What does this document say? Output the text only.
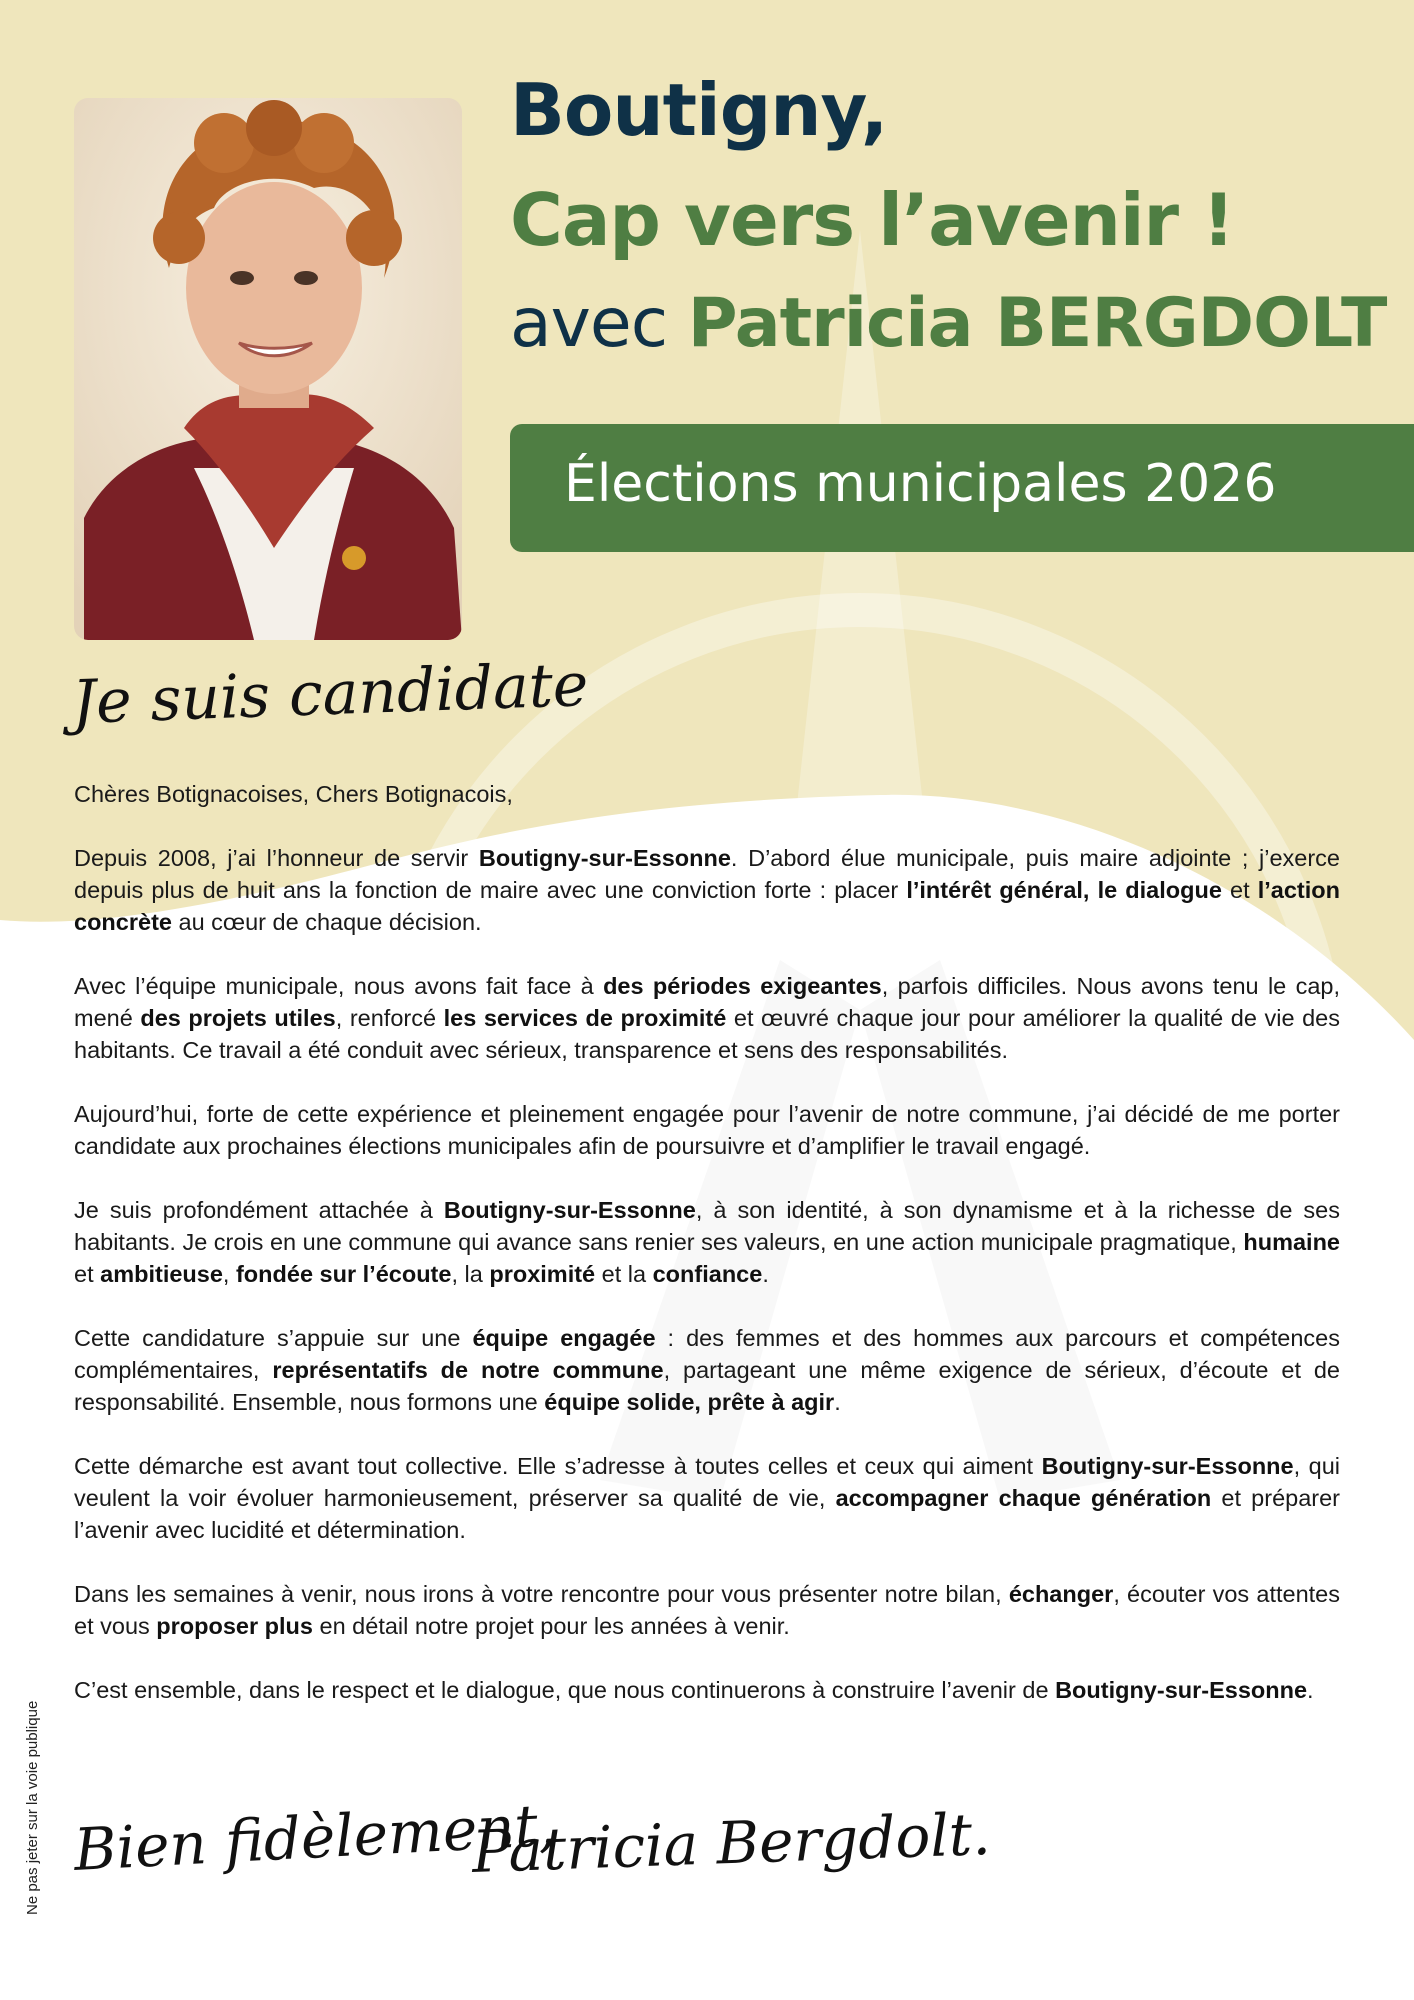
Boutigny,
Cap vers l’avenir !
avec Patricia BERGDOLT
Élections municipales 2026
Je suis candidate

Chères Botignacoises, Chers Botignacois,

Depuis 2008, j’ai l’honneur de servir Boutigny-sur-Essonne. D’abord élue municipale, puis maire adjointe ; j’exerce depuis plus de huit ans la fonction de maire avec une conviction forte : placer l’intérêt général, le dialogue et l’action concrète au cœur de chaque décision.

Avec l’équipe municipale, nous avons fait face à des périodes exigeantes, parfois difficiles. Nous avons tenu le cap, mené des projets utiles, renforcé les services de proximité et œuvré chaque jour pour améliorer la qualité de vie des habitants. Ce travail a été conduit avec sérieux, transparence et sens des responsabilités.

Aujourd’hui, forte de cette expérience et pleinement engagée pour l’avenir de notre commune, j’ai décidé de me porter candidate aux prochaines élections municipales afin de poursuivre et d’amplifier le travail engagé.

Je suis profondément attachée à Boutigny-sur-Essonne, à son identité, à son dynamisme et à la richesse de ses habitants. Je crois en une commune qui avance sans renier ses valeurs, en une action municipale pragmatique, humaine et ambitieuse, fondée sur l’écoute, la proximité et la confiance.

Cette candidature s’appuie sur une équipe engagée : des femmes et des hommes aux parcours et compétences complémentaires, représentatifs de notre commune, partageant une même exigence de sérieux, d’écoute et de responsabilité. Ensemble, nous formons une équipe solide, prête à agir.

Cette démarche est avant tout collective. Elle s’adresse à toutes celles et ceux qui aiment Boutigny-sur-Essonne, qui veulent la voir évoluer harmonieusement, préserver sa qualité de vie, accompagner chaque génération et préparer l’avenir avec lucidité et détermination.

Dans les semaines à venir, nous irons à votre rencontre pour vous présenter notre bilan, échanger, écouter vos attentes et vous proposer plus en détail notre projet pour les années à venir.

C’est ensemble, dans le respect et le dialogue, que nous continuerons à construire l’avenir de Boutigny-sur-Essonne.

Ne pas jeter sur la voie publique Bien fidèlement,
Patricia Bergdolt.
